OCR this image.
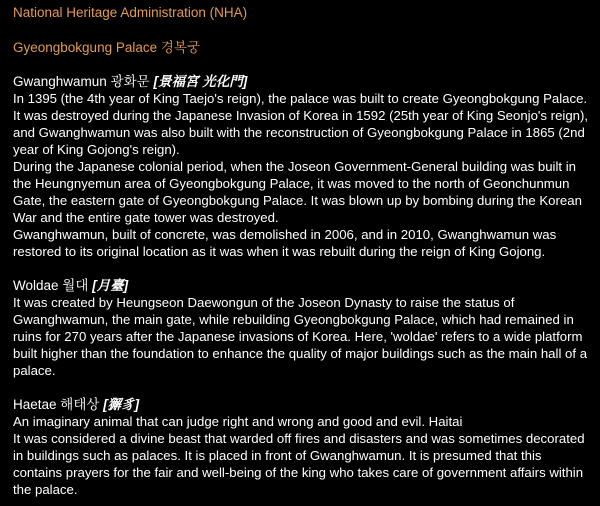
National Heritage Administration (NHA)
Gyeongbokgung Palace 경복궁
Gwanghwamun 광화문 [景福宮 光化門]

In 1395 (the 4th year of King Taejo's reign), the palace was built to create Gyeongbokgung Palace. It was destroyed during the Japanese Invasion of Korea in 1592 (25th year of King Seonjo's reign), and Gwanghwamun was also built with the reconstruction of Gyeongbokgung Palace in 1865 (2nd year of King Gojong's reign).

During the Japanese colonial period, when the Joseon Government-General building was built in the Heungnyemun area of Gyeongbokgung Palace, it was moved to the north of Geonchunmun Gate, the eastern gate of Gyeongbokgung Palace. It was blown up by bombing during the Korean War and the entire gate tower was destroyed.

Gwanghwamun, built of concrete, was demolished in 2006, and in 2010, Gwanghwamun was restored to its original location as it was when it was rebuilt during the reign of King Gojong.

Woldae 월대 [月臺]

It was created by Heungseon Daewongun of the Joseon Dynasty to raise the status of Gwanghwamun, the main gate, while rebuilding Gyeongbokgung Palace, which had remained in ruins for 270 years after the Japanese invasions of Korea. Here, 'woldae' refers to a wide platform built higher than the foundation to enhance the quality of major buildings such as the main hall of a palace.

Haetae 해태상 [獬豸]

An imaginary animal that can judge right and wrong and good and evil. Haitai

It was considered a divine beast that warded off fires and disasters and was sometimes decorated in buildings such as palaces. It is placed in front of Gwanghwamun. It is presumed that this contains prayers for the fair and well-being of the king who takes care of government affairs within the palace.
